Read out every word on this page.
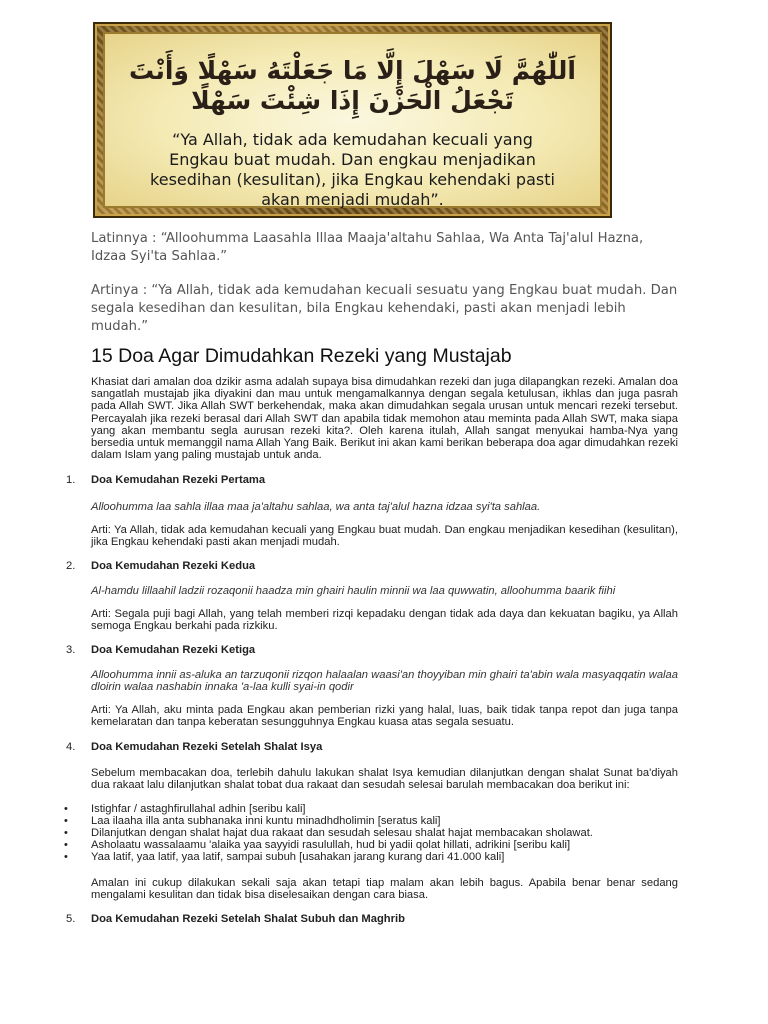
اَللّٰهُمَّ لَا سَهْلَ إِلَّا مَا جَعَلْتَهُ سَهْلًا وَأَنْتَ
تَجْعَلُ الْحَزْنَ إِذَا شِئْتَ سَهْلًا
“Ya Allah, tidak ada kemudahan kecuali yang
Engkau buat mudah. Dan engkau menjadikan
kesedihan (kesulitan), jika Engkau kehendaki pasti
akan menjadi mudah”.
Latinnya : “Alloohumma Laasahla Illaa Maaja'altahu Sahlaa, Wa Anta Taj'alul Hazna, Idzaa Syi'ta Sahlaa.”
Artinya : “Ya Allah, tidak ada kemudahan kecuali sesuatu yang Engkau buat mudah. Dan segala kesedihan dan kesulitan, bila Engkau kehendaki, pasti akan menjadi lebih mudah.”
15 Doa Agar Dimudahkan Rezeki yang Mustajab

Khasiat dari amalan doa dzikir asma adalah supaya bisa dimudahkan rezeki dan juga dilapangkan rezeki. Amalan doa sangatlah mustajab jika diyakini dan mau untuk mengamalkannya dengan segala ketulusan, ikhlas dan juga pasrah pada Allah SWT. Jika Allah SWT berkehendak, maka akan dimudahkan segala urusan untuk mencari rezeki tersebut. Percayalah jika rezeki berasal dari Allah SWT dan apabila tidak memohon atau meminta pada Allah SWT, maka siapa yang akan membantu segla aurusan rezeki kita?. Oleh karena itulah, Allah sangat menyukai hamba-Nya yang bersedia untuk memanggil nama Allah Yang Baik. Berikut ini akan kami berikan beberapa doa agar dimudahkan rezeki dalam Islam yang paling mustajab untuk anda.

1. Doa Kemudahan Rezeki Pertama

Alloohumma laa sahla illaa maa ja'altahu sahlaa, wa anta taj'alul hazna idzaa syi'ta sahlaa.

Arti: Ya Allah, tidak ada kemudahan kecuali yang Engkau buat mudah. Dan engkau menjadikan kesedihan (kesulitan), jika Engkau kehendaki pasti akan menjadi mudah.

2. Doa Kemudahan Rezeki Kedua

Al-hamdu lillaahil ladzii rozaqonii haadza min ghairi haulin minnii wa laa quwwatin, alloohumma baarik fiihi

Arti: Segala puji bagi Allah, yang telah memberi rizqi kepadaku dengan tidak ada daya dan kekuatan bagiku, ya Allah semoga Engkau berkahi pada rizkiku.

3. Doa Kemudahan Rezeki Ketiga

Alloohumma innii as-aluka an tarzuqonii rizqon halaalan waasi'an thoyyiban min ghairi ta'abin wala masyaqqatin walaa dloirin walaa nashabin innaka 'a-laa kulli syai-in qodir

Arti: Ya Allah, aku minta pada Engkau akan pemberian rizki yang halal, luas, baik tidak tanpa repot dan juga tanpa kemelaratan dan tanpa keberatan sesungguhnya Engkau kuasa atas segala sesuatu.

4. Doa Kemudahan Rezeki Setelah Shalat Isya

Sebelum membacakan doa, terlebih dahulu lakukan shalat Isya kemudian dilanjutkan dengan shalat Sunat ba'diyah dua rakaat lalu dilanjutkan shalat tobat dua rakaat dan sesudah selesai barulah membacakan doa berikut ini:

• Istighfar / astaghfirullahal adhin [seribu kali]
• Laa ilaaha illa anta subhanaka inni kuntu minadhdholimin [seratus kali]
• Dilanjutkan dengan shalat hajat dua rakaat dan sesudah selesau shalat hajat membacakan sholawat.
• Asholaatu wassalaamu 'alaika yaa sayyidi rasulullah, hud bi yadii qolat hillati, adrikini [seribu kali]
• Yaa latif, yaa latif, yaa latif, sampai subuh [usahakan jarang kurang dari 41.000 kali]

Amalan ini cukup dilakukan sekali saja akan tetapi tiap malam akan lebih bagus. Apabila benar benar sedang mengalami kesulitan dan tidak bisa diselesaikan dengan cara biasa.

5. Doa Kemudahan Rezeki Setelah Shalat Subuh dan Maghrib
